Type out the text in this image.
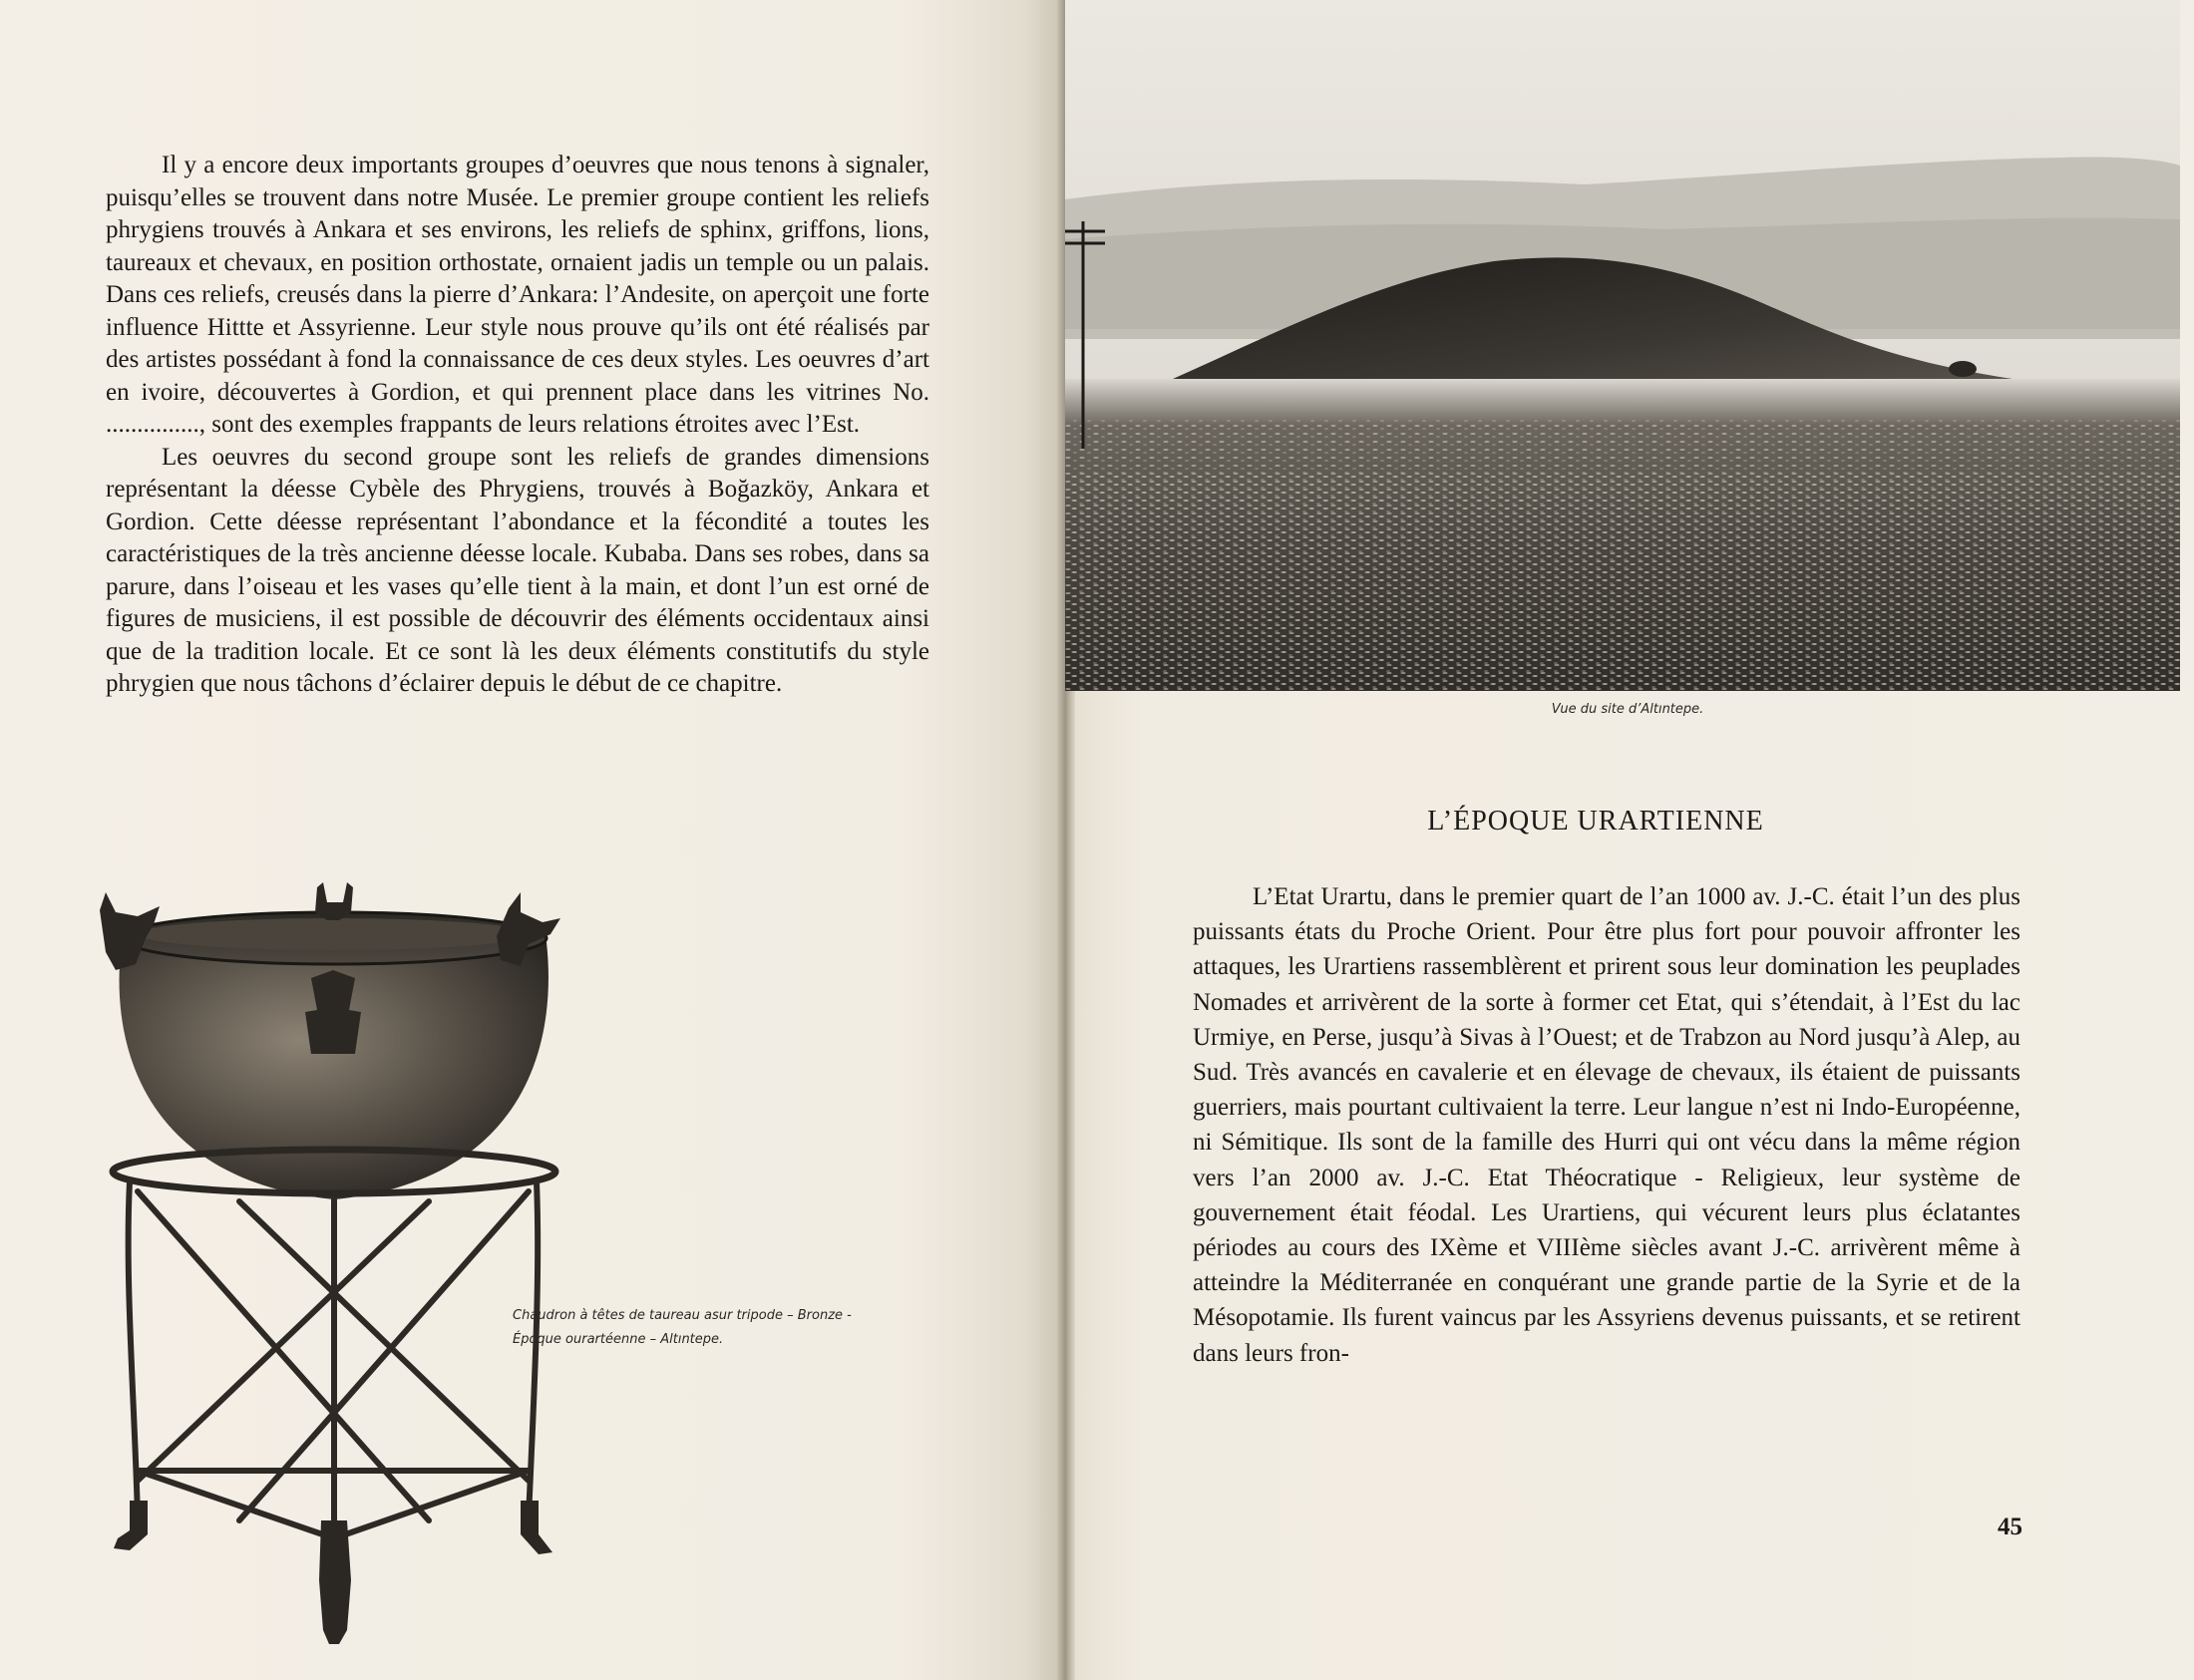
Il y a encore deux importants groupes d’oeuvres que nous tenons à signaler, puisqu’elles se trouvent dans notre Musée. Le premier groupe contient les reliefs phrygiens trouvés à Ankara et ses environs, les reliefs de sphinx, griffons, lions, taureaux et chevaux, en position orthostate, ornaient jadis un temple ou un palais. Dans ces reliefs, creusés dans la pierre d’Ankara: l’Andesite, on aperçoit une forte influence Hittte et Assyrienne. Leur style nous prouve qu’ils ont été réalisés par des artistes possédant à fond la connaissance de ces deux styles. Les oeuvres d’art en ivoire, découvertes à Gordion, et qui prennent place dans les vitrines No. ..............., sont des exemples frappants de leurs relations étroites avec l’Est.

Les oeuvres du second groupe sont les reliefs de grandes dimensions représentant la déesse Cybèle des Phrygiens, trouvés à Boğazköy, Ankara et Gordion. Cette déesse représentant l’abondance et la fécondité a toutes les caractéristiques de la très ancienne déesse locale. Kubaba. Dans ses robes, dans sa parure, dans l’oiseau et les vases qu’elle tient à la main, et dont l’un est orné de figures de musiciens, il est possible de découvrir des éléments occidentaux ainsi que de la tradition locale. Et ce sont là les deux éléments constitutifs du style phrygien que nous tâchons d’éclairer depuis le début de ce chapitre.

Chaudron à têtes de taureau asur tripode – Bronze -
Époque ourartéenne – Altıntepe.
Vue du site d’Altıntepe.
L’ÉPOQUE URARTIENNE

L’Etat Urartu, dans le premier quart de l’an 1000 av. J.-C. était l’un des plus puissants états du Proche Orient. Pour être plus fort pour pouvoir affronter les attaques, les Urartiens rassemblèrent et prirent sous leur domination les peuplades Nomades et arrivèrent de la sorte à former cet Etat, qui s’étendait, à l’Est du lac Urmiye, en Perse, jusqu’à Sivas à l’Ouest; et de Trabzon au Nord jusqu’à Alep, au Sud. Très avancés en cavalerie et en élevage de chevaux, ils étaient de puissants guerriers, mais pourtant cultivaient la terre. Leur langue n’est ni Indo-Européenne, ni Sémitique. Ils sont de la famille des Hurri qui ont vécu dans la même région vers l’an 2000 av. J.-C. Etat Théocratique - Religieux, leur système de gouvernement était féodal. Les Urartiens, qui vécurent leurs plus éclatantes périodes au cours des IXème et VIIIème siècles avant J.-C. arrivèrent même à atteindre la Méditerranée en conquérant une grande partie de la Syrie et de la Mésopotamie. Ils furent vaincus par les Assyriens devenus puissants, et se retirent dans leurs fron-

45
